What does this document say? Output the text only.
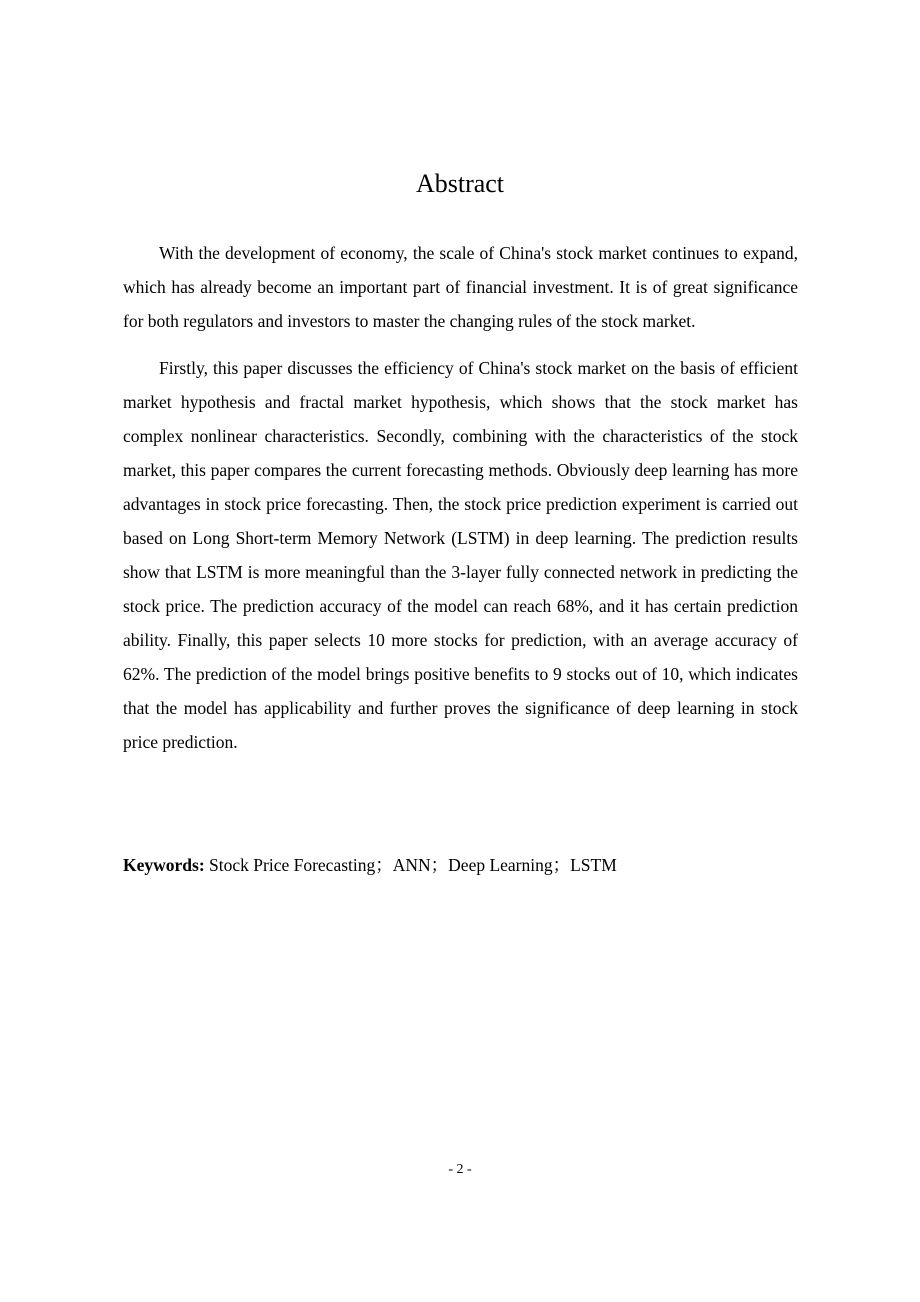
Abstract

With the development of economy, the scale of China's stock market continues to expand, which has already become an important part of financial investment. It is of great significance for both regulators and investors to master the changing rules of the stock market.

Firstly, this paper discusses the efficiency of China's stock market on the basis of efficient market hypothesis and fractal market hypothesis, which shows that the stock market has complex nonlinear characteristics. Secondly, combining with the characteristics of the stock market, this paper compares the current forecasting methods. Obviously deep learning has more advantages in stock price forecasting. Then, the stock price prediction experiment is carried out based on Long Short-term Memory Network (LSTM) in deep learning. The prediction results show that LSTM is more meaningful than the 3-layer fully connected network in predicting the stock price. The prediction accuracy of the model can reach 68%, and it has certain prediction ability. Finally, this paper selects 10 more stocks for prediction, with an average accuracy of 62%. The prediction of the model brings positive benefits to 9 stocks out of 10, which indicates that the model has applicability and further proves the significance of deep learning in stock price prediction.

Keywords: Stock Price Forecasting；ANN；Deep Learning；LSTM

- 2 -
